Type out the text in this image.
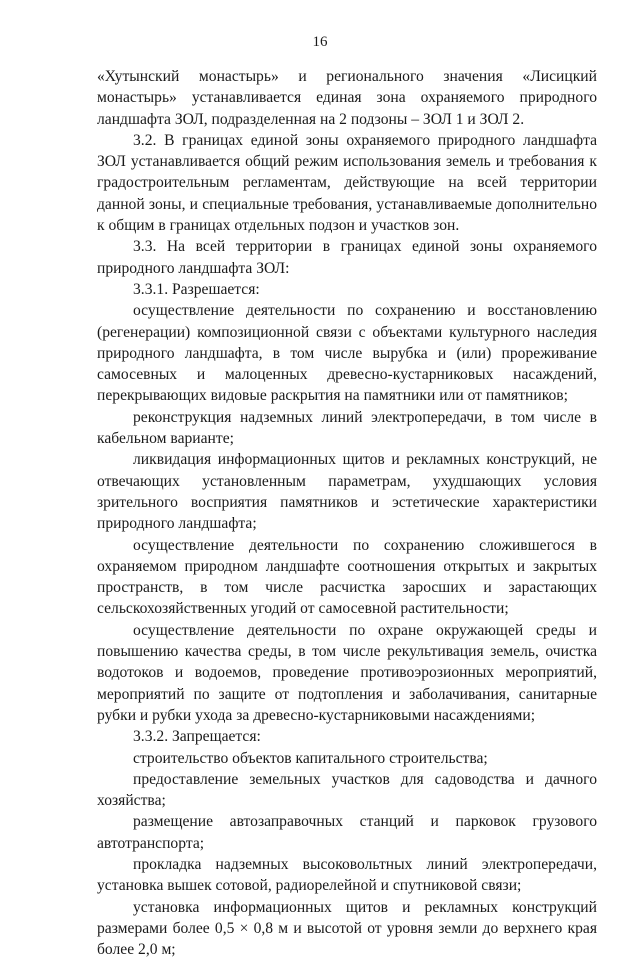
16

«Хутынский монастырь» и регионального значения «Лисицкий монастырь» устанавливается единая зона охраняемого природного ландшафта ЗОЛ, подразделенная на 2 подзоны – ЗОЛ 1 и ЗОЛ 2.

3.2. В границах единой зоны охраняемого природного ландшафта ЗОЛ устанавливается общий режим использования земель и требования к градостроительным регламентам, действующие на всей территории данной зоны, и специальные требования, устанавливаемые дополнительно к общим в границах отдельных подзон и участков зон.

3.3. На всей территории в границах единой зоны охраняемого природного ландшафта ЗОЛ:

3.3.1. Разрешается:

осуществление деятельности по сохранению и восстановлению (регенерации) композиционной связи с объектами культурного наследия природного ландшафта, в том числе вырубка и (или) прореживание самосевных и малоценных древесно-кустарниковых насаждений, перекрывающих видовые раскрытия на памятники или от памятников;

реконструкция надземных линий электропередачи, в том числе в кабельном варианте;

ликвидация информационных щитов и рекламных конструкций, не отвечающих установленным параметрам, ухудшающих условия зрительного восприятия памятников и эстетические характеристики природного ландшафта;

осуществление деятельности по сохранению сложившегося в охраняемом природном ландшафте соотношения открытых и закрытых пространств, в том числе расчистка заросших и зарастающих сельскохозяйственных угодий от самосевной растительности;

осуществление деятельности по охране окружающей среды и повышению качества среды, в том числе рекультивация земель, очистка водотоков и водоемов, проведение противоэрозионных мероприятий, мероприятий по защите от подтопления и заболачивания, санитарные рубки и рубки ухода за древесно-кустарниковыми насаждениями;

3.3.2. Запрещается:

строительство объектов капитального строительства;

предоставление земельных участков для садоводства и дачного хозяйства;

размещение автозаправочных станций и парковок грузового автотранспорта;

прокладка надземных высоковольтных линий электропередачи, установка вышек сотовой, радиорелейной и спутниковой связи;

установка информационных щитов и рекламных конструкций размерами более 0,5 × 0,8 м и высотой от уровня земли до верхнего края более 2,0 м;
